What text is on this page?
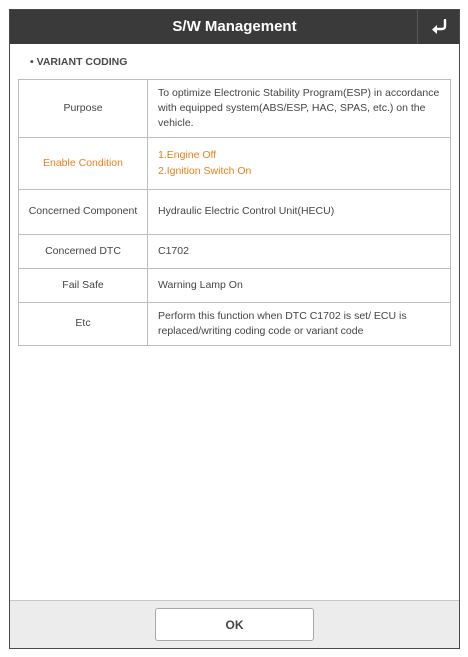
S/W Management
• VARIANT CODING
Purpose	To optimize Electronic Stability Program(ESP) in accordance with equipped system(ABS/ESP, HAC, SPAS, etc.) on the vehicle.
Enable Condition	1.Engine Off
2.Ignition Switch On

Concerned Component	Hydraulic Electric Control Unit(HECU)
Concerned DTC	C1702
Fail Safe	Warning Lamp On
Etc	Perform this function when DTC C1702 is set/ ECU is replaced/writing coding code or variant code
OK
